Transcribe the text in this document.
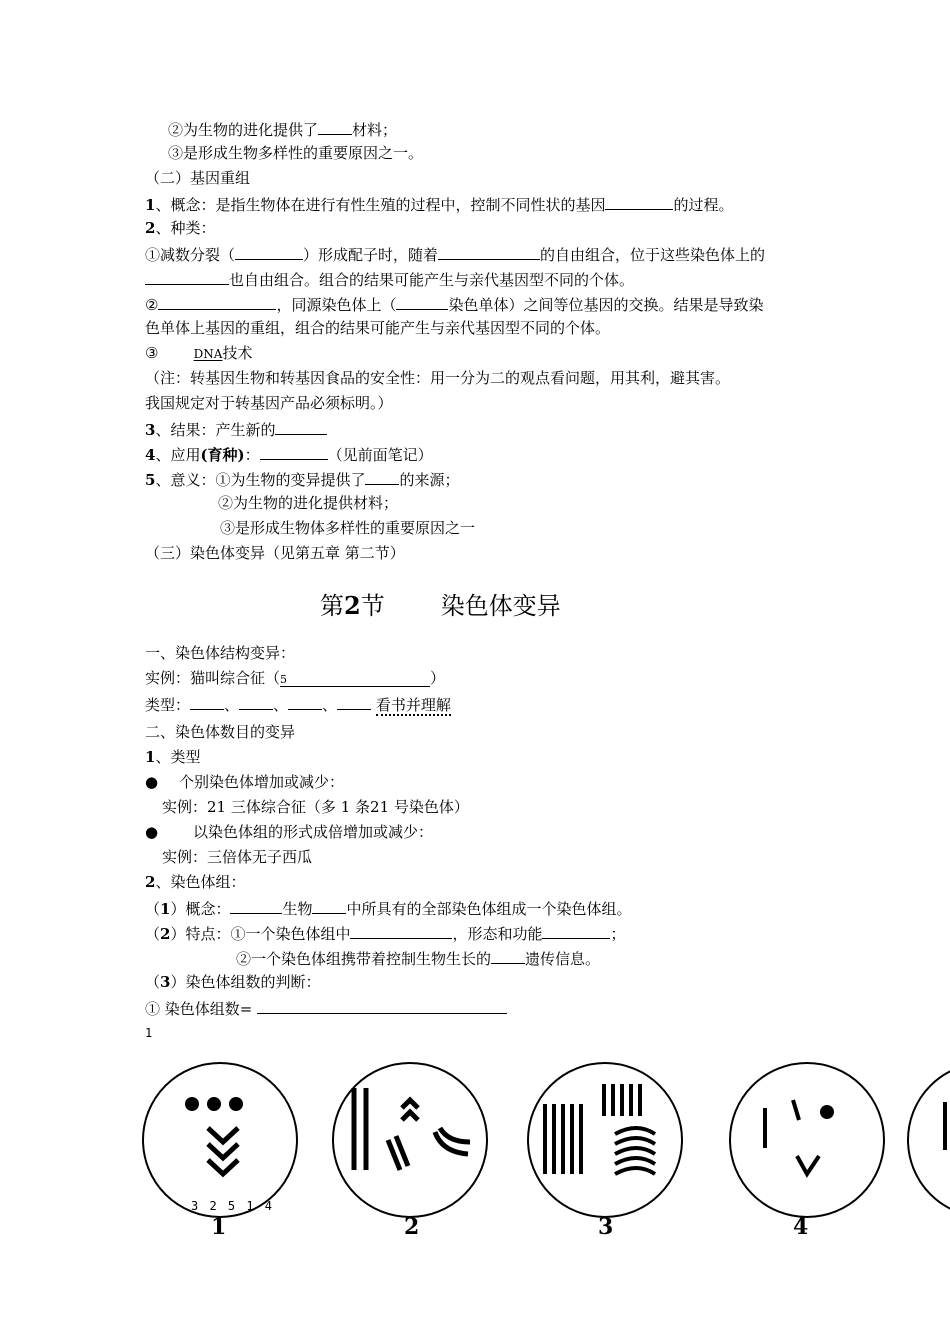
②为生物的进化提供了 材料；
③是形成生物多样性的重要原因之一。
（二）基因重组
1、概念：是指生物体在进行有性生殖的过程中，控制不同性状的基因	的过程。
2、种类：
①减数分裂（	）形成配子时，随着	的自由组合，位于这些染色体上的
也自由组合。组合的结果可能产生与亲代基因型不同的个体。
②	，同源染色体上（	染色单体）之间等位基因的交换。结果是导致染
色单体上基因的重组，组合的结果可能产生与亲代基因型不同的个体。
③	DNA技术
（注：转基因生物和转基因食品的安全性：用一分为二的观点看问题，用其利，避其害。
我国规定对于转基因产品必须标明。）
3、结果：产生新的
4、应用(育种)：	（见前面笔记）
5、意义：①为生物的变异提供了 的来源；
②为生物的进化提供材料；
③是形成生物体多样性的重要原因之一
（三）染色体变异（见第五章 第二节）
第2节 染色体变异
一、染色体结构变异：
实例：猫叫综合征（5	）
类型： 、 、 、	看书并理解
二、染色体数目的变异
1、类型
● 个别染色体增加或减少：
实例：21 三体综合征（多 1 条21 号染色体）
● 以染色体组的形式成倍增加或减少：
实例：三倍体无子西瓜
2、染色体组：
（1）概念：	生物 中所具有的全部染色体组成一个染色体组。
（2）特点：①一个染色体组中	，形态和功能	；
②一个染色体组携带着控制生物生长的 遗传信息。
（3）染色体组数的判断：
① 染色体组数=
1
3 2 5 1 4
1	2	3	4
